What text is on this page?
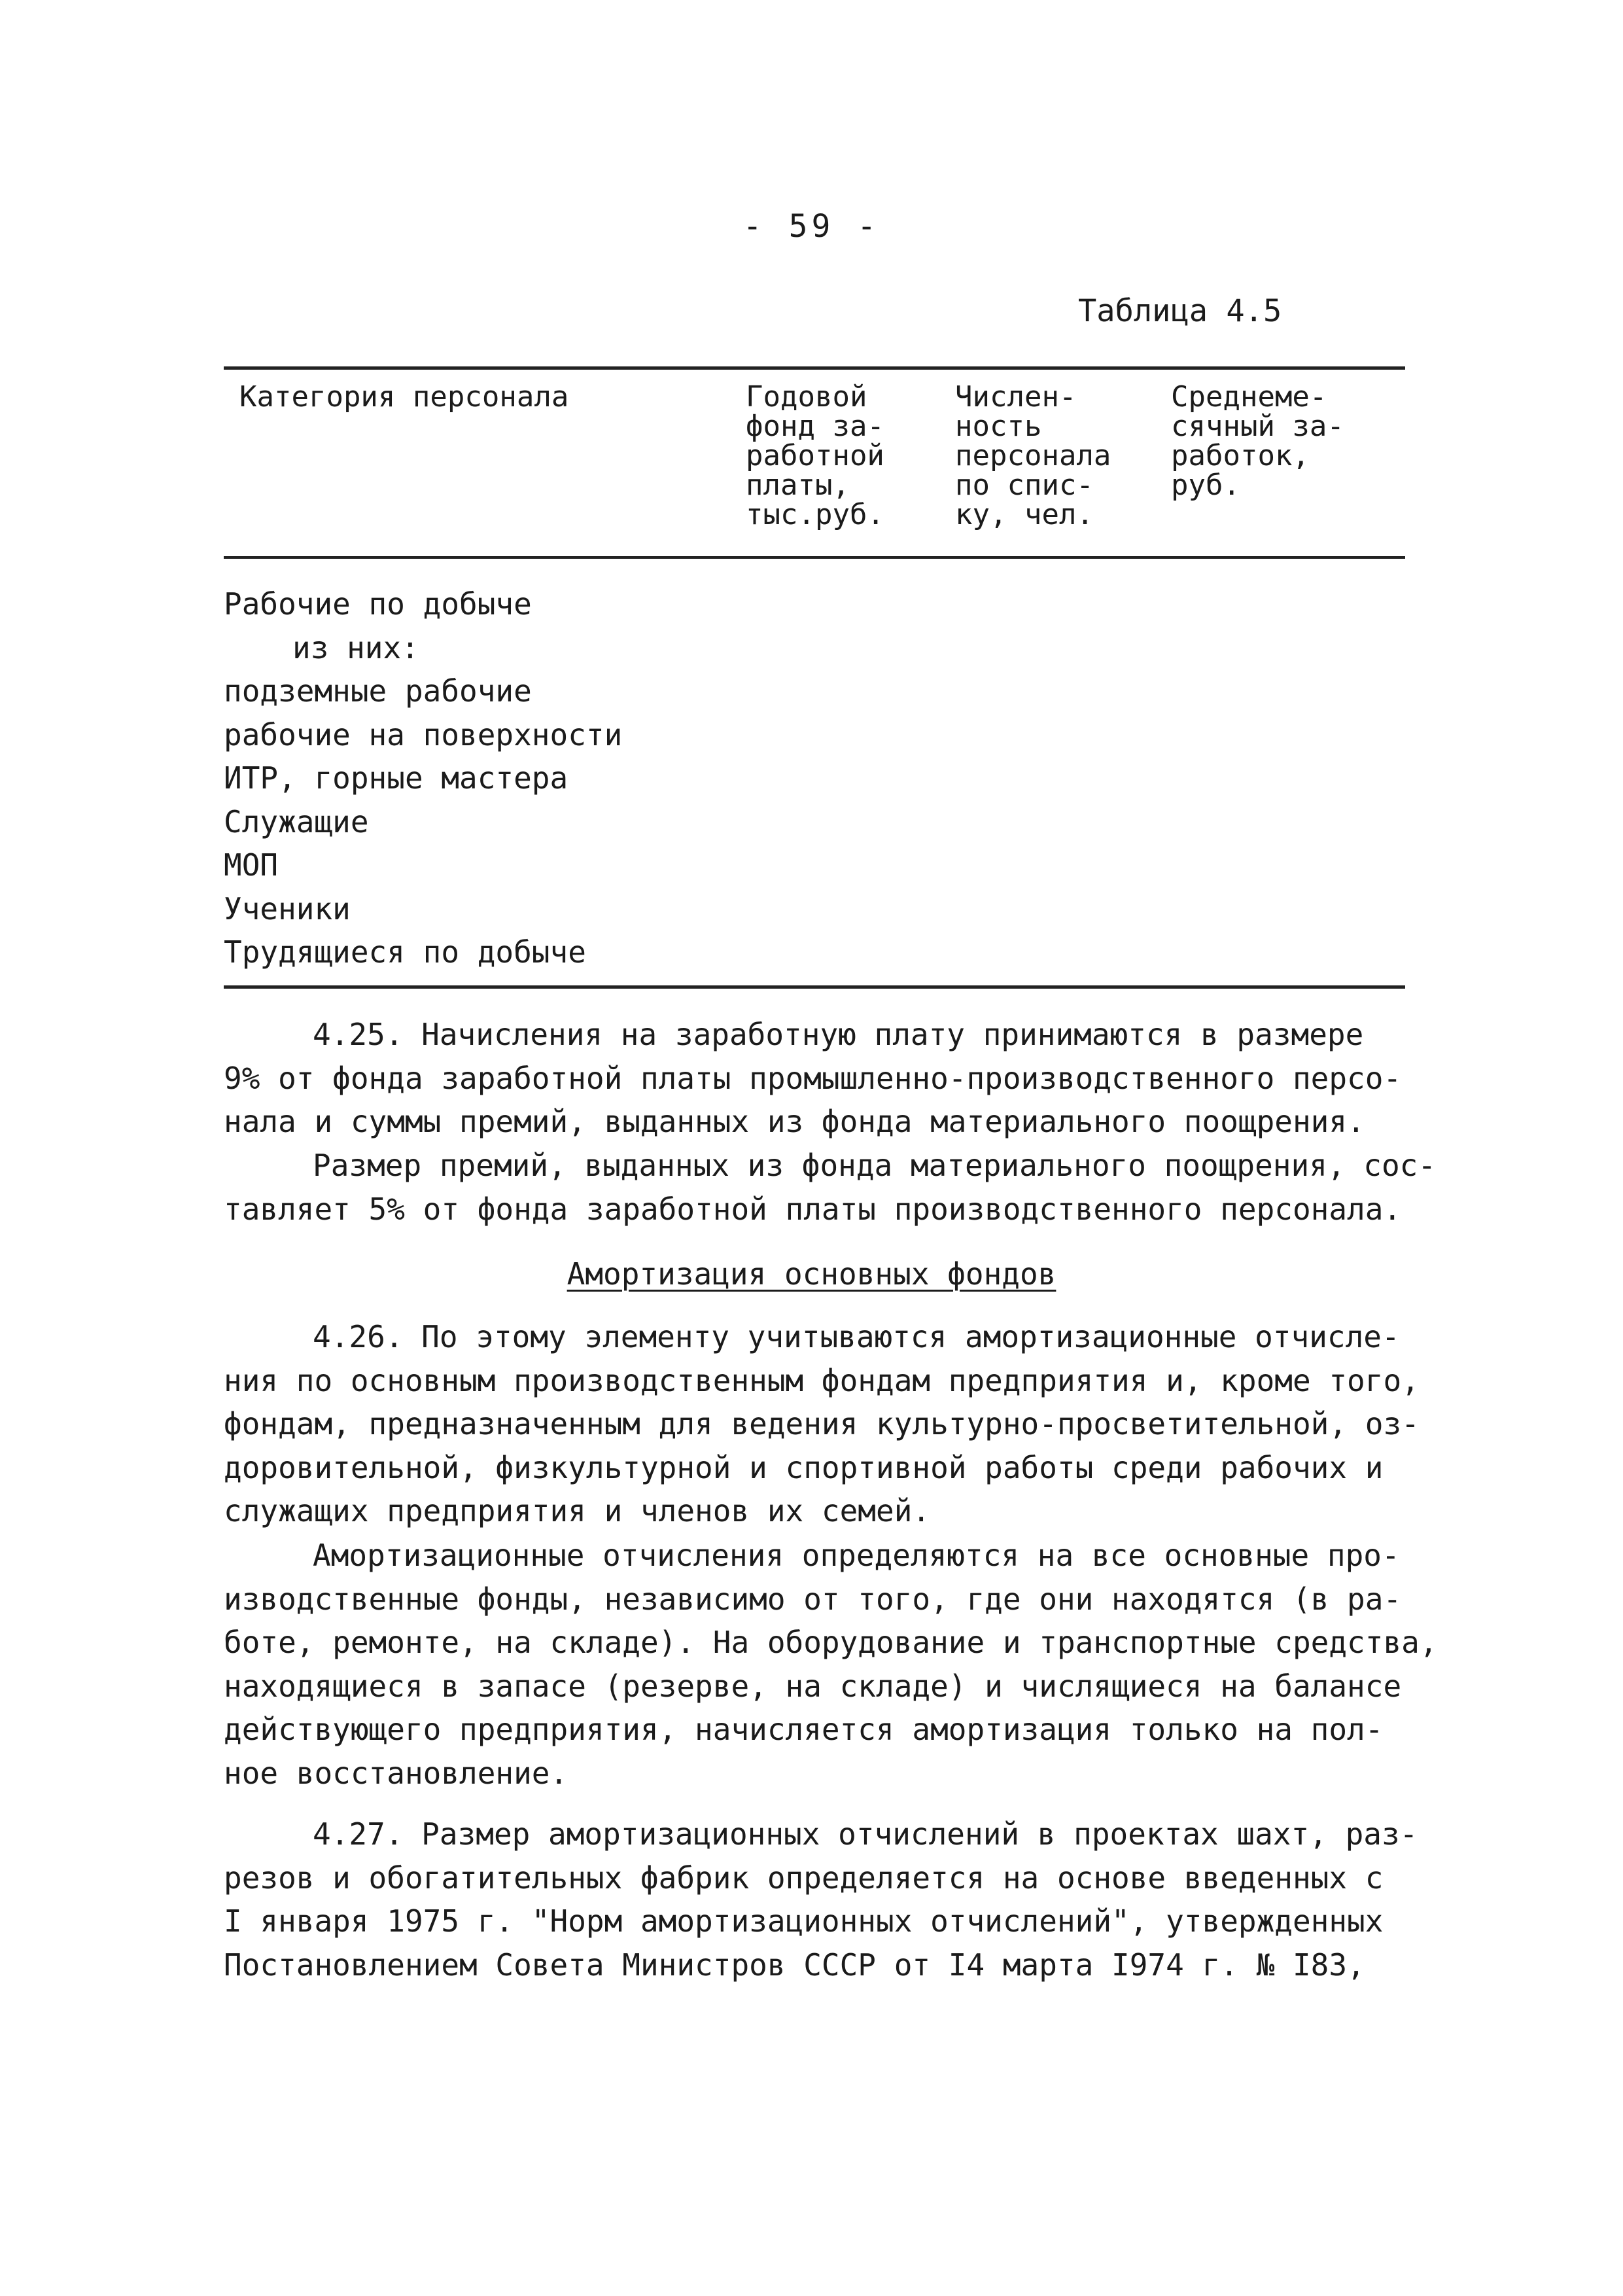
- 59 -
Таблица 4.5
Категория персонала	Годовой
фонд за-
работной
платы,
тыс.руб.
Числен-
ность
персонала
по спис-
ку, чел.
Среднеме-
сячный за-
работок,
руб.
Рабочие по добыче
из них:
подземные рабочие
рабочие на поверхности
ИТР, горные мастера
Служащие
МОП
Ученики
Трудящиеся по добыче
4.25. Начисления на заработную плату принимаются в размере
9% от фонда заработной платы промышленно-производственного персо-
нала и суммы премий, выданных из фонда материального поощрения.
Размер премий, выданных из фонда материального поощрения, сос-
тавляет 5% от фонда заработной платы производственного персонала.
Амортизация основных фондов
4.26. По этому элементу учитываются амортизационные отчисле-
ния по основным производственным фондам предприятия и, кроме того,
фондам, предназначенным для ведения культурно-просветительной, оз-
доровительной, физкультурной и спортивной работы среди рабочих и
служащих предприятия и членов их семей.
Амортизационные отчисления определяются на все основные про-
изводственные фонды, независимо от того, где они находятся (в ра-
боте, ремонте, на складе). На оборудование и транспортные средства,
находящиеся в запасе (резерве, на складе) и числящиеся на балансе
действующего предприятия, начисляется амортизация только на пол-
ное восстановление.
4.27. Размер амортизационных отчислений в проектах шахт, раз-
резов и обогатительных фабрик определяется на основе введенных с
I января 1975 г. "Норм амортизационных отчислений", утвержденных
Постановлением Совета Министров СССР от I4 марта I974 г. № I83,
